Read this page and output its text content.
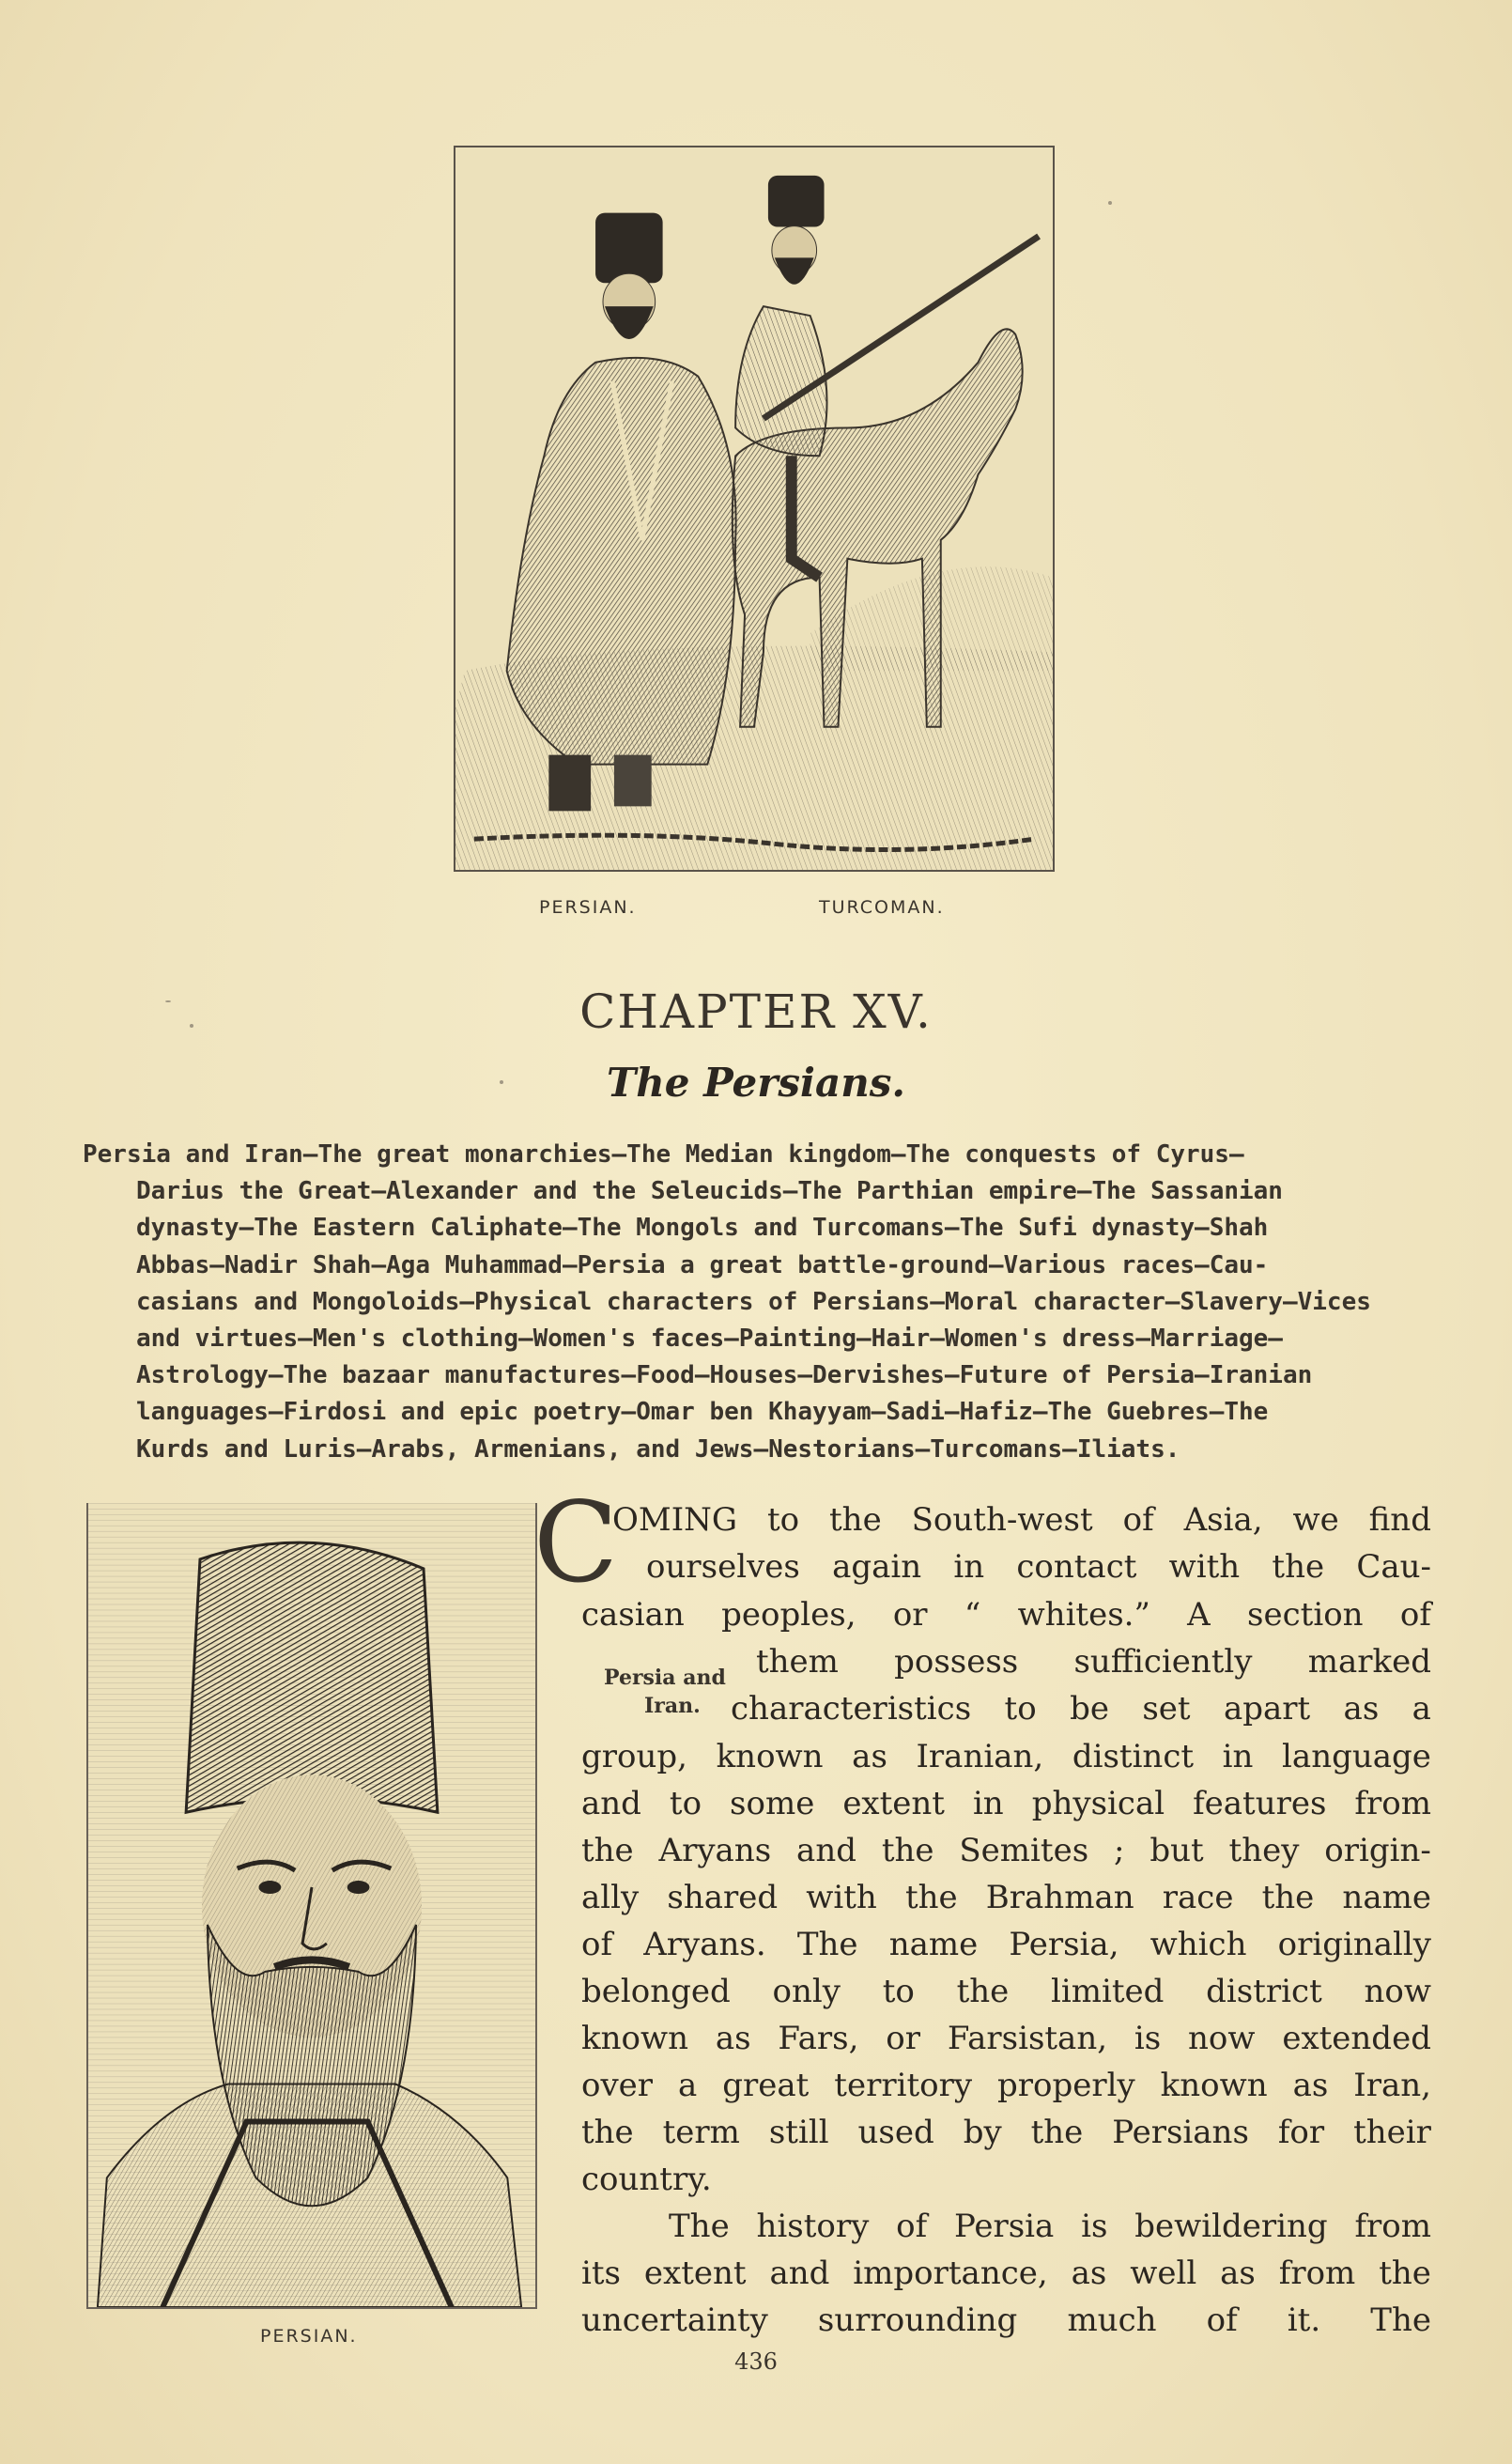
PERSIAN.	TURCOMAN.
CHAPTER XV.
The Persians.
Persia and Iran—The great monarchies—The Median kingdom—The conquests of Cyrus—
Darius the Great—Alexander and the Seleucids—The Parthian empire—The Sassanian
dynasty—The Eastern Caliphate—The Mongols and Turcomans—The Sufi dynasty—Shah
Abbas—Nadir Shah—Aga Muhammad—Persia a great battle-ground—Various races—Cau-
casians and Mongoloids—Physical characters of Persians—Moral character—Slavery—Vices
and virtues—Men's clothing—Women's faces—Painting—Hair—Women's dress—Marriage—
Astrology—The bazaar manufactures—Food—Houses—Dervishes—Future of Persia—Iranian
languages—Firdosi and epic poetry—Omar ben Khayyam—Sadi—Hafiz—The Guebres—The
Kurds and Luris—Arabs, Armenians, and Jews—Nestorians—Turcomans—Iliats.
PERSIAN.
C
OMING to the South-west of Asia, we find
ourselves again in contact with the Cau-
casian peoples, or “ whites.” A section of
Persia and them possess sufficiently marked
Iran. characteristics to be set apart as a
group, known as Iranian, distinct in language
and to some extent in physical features from
the Aryans and the Semites ; but they origin-
ally shared with the Brahman race the name
of Aryans. The name Persia, which originally
belonged only to the limited district now
known as Fars, or Farsistan, is now extended
over a great territory properly known as Iran,
the term still used by the Persians for their
country.
The history of Persia is bewildering from
its extent and importance, as well as from the
uncertainty surrounding much of it. The
436
